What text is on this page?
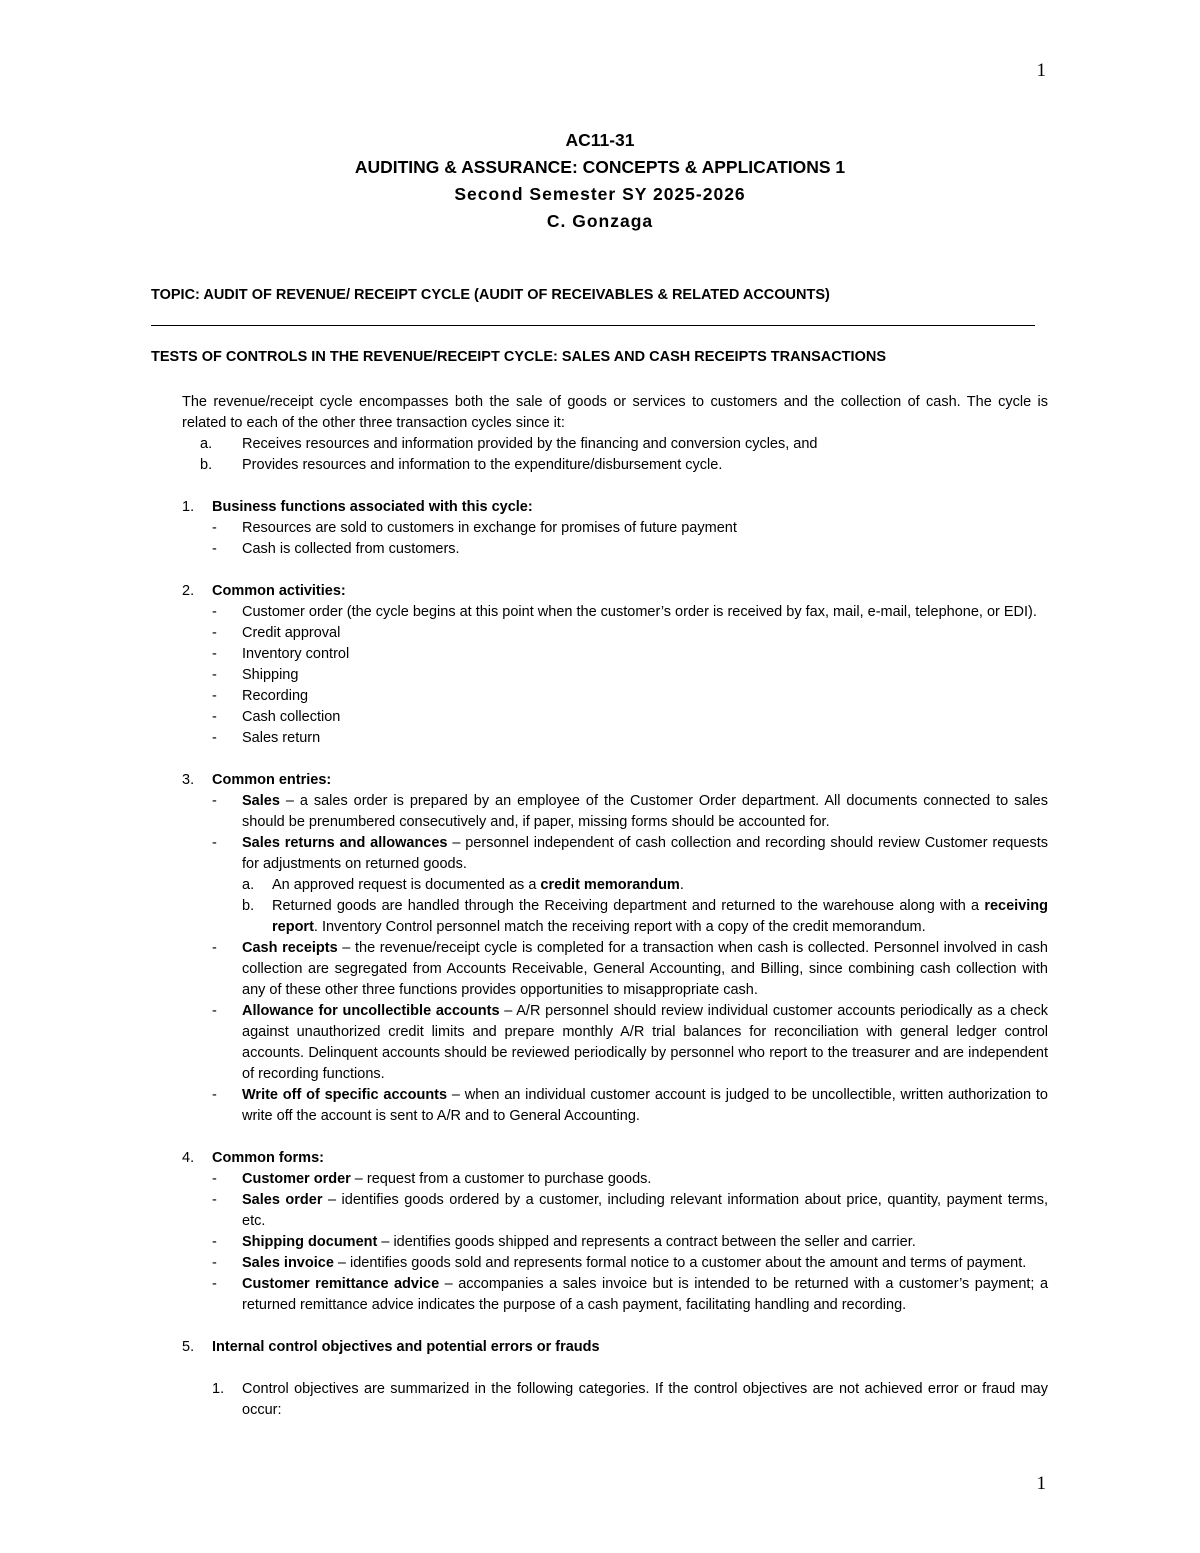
1
AC11-31
AUDITING & ASSURANCE: CONCEPTS & APPLICATIONS 1
Second Semester SY 2025-2026
C. Gonzaga
TOPIC: AUDIT OF REVENUE/ RECEIPT CYCLE (AUDIT OF RECEIVABLES & RELATED ACCOUNTS)
TESTS OF CONTROLS IN THE REVENUE/RECEIPT CYCLE: SALES AND CASH RECEIPTS TRANSACTIONS

The revenue/receipt cycle encompasses both the sale of goods or services to customers and the collection of cash. The cycle is related to each of the other three transaction cycles since it:

a. Receives resources and information provided by the financing and conversion cycles, and
b. Provides resources and information to the expenditure/disbursement cycle.
1. Business functions associated with this cycle:
- Resources are sold to customers in exchange for promises of future payment
- Cash is collected from customers.
2. Common activities:
- Customer order (the cycle begins at this point when the customer’s order is received by fax, mail, e-mail, telephone, or EDI).
- Credit approval
- Inventory control
- Shipping
- Recording
- Cash collection
- Sales return
3. Common entries:
- Sales – a sales order is prepared by an employee of the Customer Order department. All documents connected to sales should be prenumbered consecutively and, if paper, missing forms should be accounted for.
- Sales returns and allowances – personnel independent of cash collection and recording should review Customer requests for adjustments on returned goods.
a. An approved request is documented as a credit memorandum.
b. Returned goods are handled through the Receiving department and returned to the warehouse along with a receiving report. Inventory Control personnel match the receiving report with a copy of the credit memorandum.
- Cash receipts – the revenue/receipt cycle is completed for a transaction when cash is collected. Personnel involved in cash collection are segregated from Accounts Receivable, General Accounting, and Billing, since combining cash collection with any of these other three functions provides opportunities to misappropriate cash.
- Allowance for uncollectible accounts – A/R personnel should review individual customer accounts periodically as a check against unauthorized credit limits and prepare monthly A/R trial balances for reconciliation with general ledger control accounts. Delinquent accounts should be reviewed periodically by personnel who report to the treasurer and are independent of recording functions.
- Write off of specific accounts – when an individual customer account is judged to be uncollectible, written authorization to write off the account is sent to A/R and to General Accounting.
4. Common forms:
- Customer order – request from a customer to purchase goods.
- Sales order – identifies goods ordered by a customer, including relevant information about price, quantity, payment terms, etc.
- Shipping document – identifies goods shipped and represents a contract between the seller and carrier.
- Sales invoice – identifies goods sold and represents formal notice to a customer about the amount and terms of payment.
- Customer remittance advice – accompanies a sales invoice but is intended to be returned with a customer’s payment; a returned remittance advice indicates the purpose of a cash payment, facilitating handling and recording.
5. Internal control objectives and potential errors or frauds
1. Control objectives are summarized in the following categories. If the control objectives are not achieved error or fraud may occur:
1
